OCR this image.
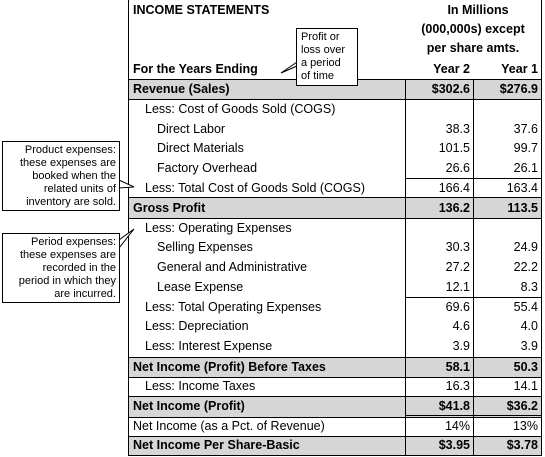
INCOME STATEMENTS	In Millions
(000,000s) except
per share amts.
For the Years Ending	Year 2	Year 1
Revenue (Sales)	$302.6	$276.9
Less: Cost of Goods Sold (COGS)
Direct Labor	38.3	37.6
Direct Materials	101.5	99.7
Factory Overhead	26.6	26.1
Less: Total Cost of Goods Sold (COGS)	166.4	163.4
Gross Profit	136.2	113.5
Less: Operating Expenses
Selling Expenses	30.3	24.9
General and Administrative	27.2	22.2
Lease Expense	12.1	8.3
Less: Total Operating Expenses	69.6	55.4
Less: Depreciation	4.6	4.0
Less: Interest Expense	3.9	3.9
Net Income (Profit) Before Taxes	58.1	50.3
Less: Income Taxes	16.3	14.1
Net Income (Profit)	$41.8	$36.2
Net Income (as a Pct. of Revenue)	14%	13%
Net Income Per Share-Basic	$3.95	$3.78
Profit or
loss over
a period
of time
Product expenses:
these expenses are
booked when the
related units of
inventory are sold.
Period expenses:
these expenses are
recorded in the
period in which they
are incurred.
